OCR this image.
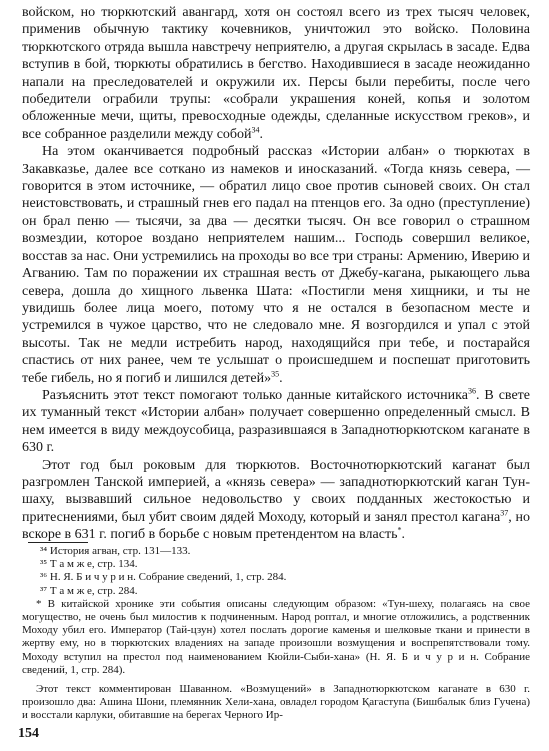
войском, но тюркютский авангард, хотя он состоял всего из трех тысяч человек, применив обычную тактику кочевников, уничтожил это войско. Половина тюркютского отряда вышла навстречу неприятелю, а другая скрылась в засаде. Едва вступив в бой, тюркюты обратились в бегство. Находившиеся в засаде неожиданно напали на преследователей и окружили их. Персы были перебиты, после чего победители ограбили трупы: «собрали украшения коней, копья и золотом обложенные мечи, щиты, превосходные одежды, сделанные искусством греков», и все собранное разделили между собой$^{34}$.

На этом оканчивается подробный рассказ «Истории албан» о тюркютах в Закавказье, далее все соткано из намеков и иносказаний. «Тогда князь севера, — говорится в этом источнике, — обратил лицо свое против сыновей своих. Он стал неистовствовать, и страшный гнев его падал на птенцов его. За одно (преступление) он брал пеню — тысячи, за два — десятки тысяч. Он все говорил о страшном возмездии, которое воздано неприятелем нашим... Господь совершил великое, восстав за нас. Они устремились на проходы во все три страны: Армению, Иверию и Агванию. Там по поражении их страшная весть от Джебу-кагана, рыкающего льва севера, дошла до хищного львенка Шата: «Постигли меня хищники, и ты не увидишь более лица моего, потому что я не остался в безопасном месте и устремился в чужое царство, что не следовало мне. Я возгордился и упал с этой высоты. Так не медли истребить народ, находящийся при тебе, и постарайся спастись от них ранее, чем те услышат о происшедшем и поспешат приготовить тебе гибель, но я погиб и лишился детей»$^{35}$.

Разъяснить этот текст помогают только данные китайского источника$^{36}$. В свете их туманный текст «Истории албан» получает совершенно определенный смысл. В нем имеется в виду междоусобица, разразившаяся в Западнотюркютском каганате в 630 г.

Этот год был роковым для тюркютов. Восточнотюркютский каганат был разгромлен Танской империей, а «князь севера» — западнотюркютский каган Тун-шаху, вызвавший сильное недовольство у своих подданных жестокостью и притеснениями, был убит своим дядей Моходу, который и занял престол кагана$^{37}$, но вскоре в 631 г. погиб в борьбе с новым претендентом на власть*.

³⁴ История агван, стр. 131—133.

³⁵ Т а м ж е, стр. 134.

³⁶ Н. Я. Б и ч у р и н. Собрание сведений, 1, стр. 284.

³⁷ Т а м ж е, стр. 284.

* В китайской хронике эти события описаны следующим образом: «Тун-шеху, полагаясь на свое могущество, не очень был милостив к подчиненным. Народ роптал, и многие отложились, а родственник Моходу убил его. Император (Тай-цзун) хотел послать дорогие каменья и шелковые ткани и принести в жертву ему, но в тюркютских владениях на западе произошли возмущения и воспрепятствовали тому. Моходу вступил на престол под наименованием Кюйли-Сыби-хана» (Н. Я. Б и ч у р и н. Собрание сведений, 1, стр. 284).

Этот текст комментирован Шаванном. «Возмущений» в Западнотюркютском каганате в 630 г. произошло два: Ашина Шони, племянник Хели-хана, овладел городом Қагаcтупа (Бишбалык близ Гучена) и восстали карлуки, обитавшие на берегах Черного Ир-

154
